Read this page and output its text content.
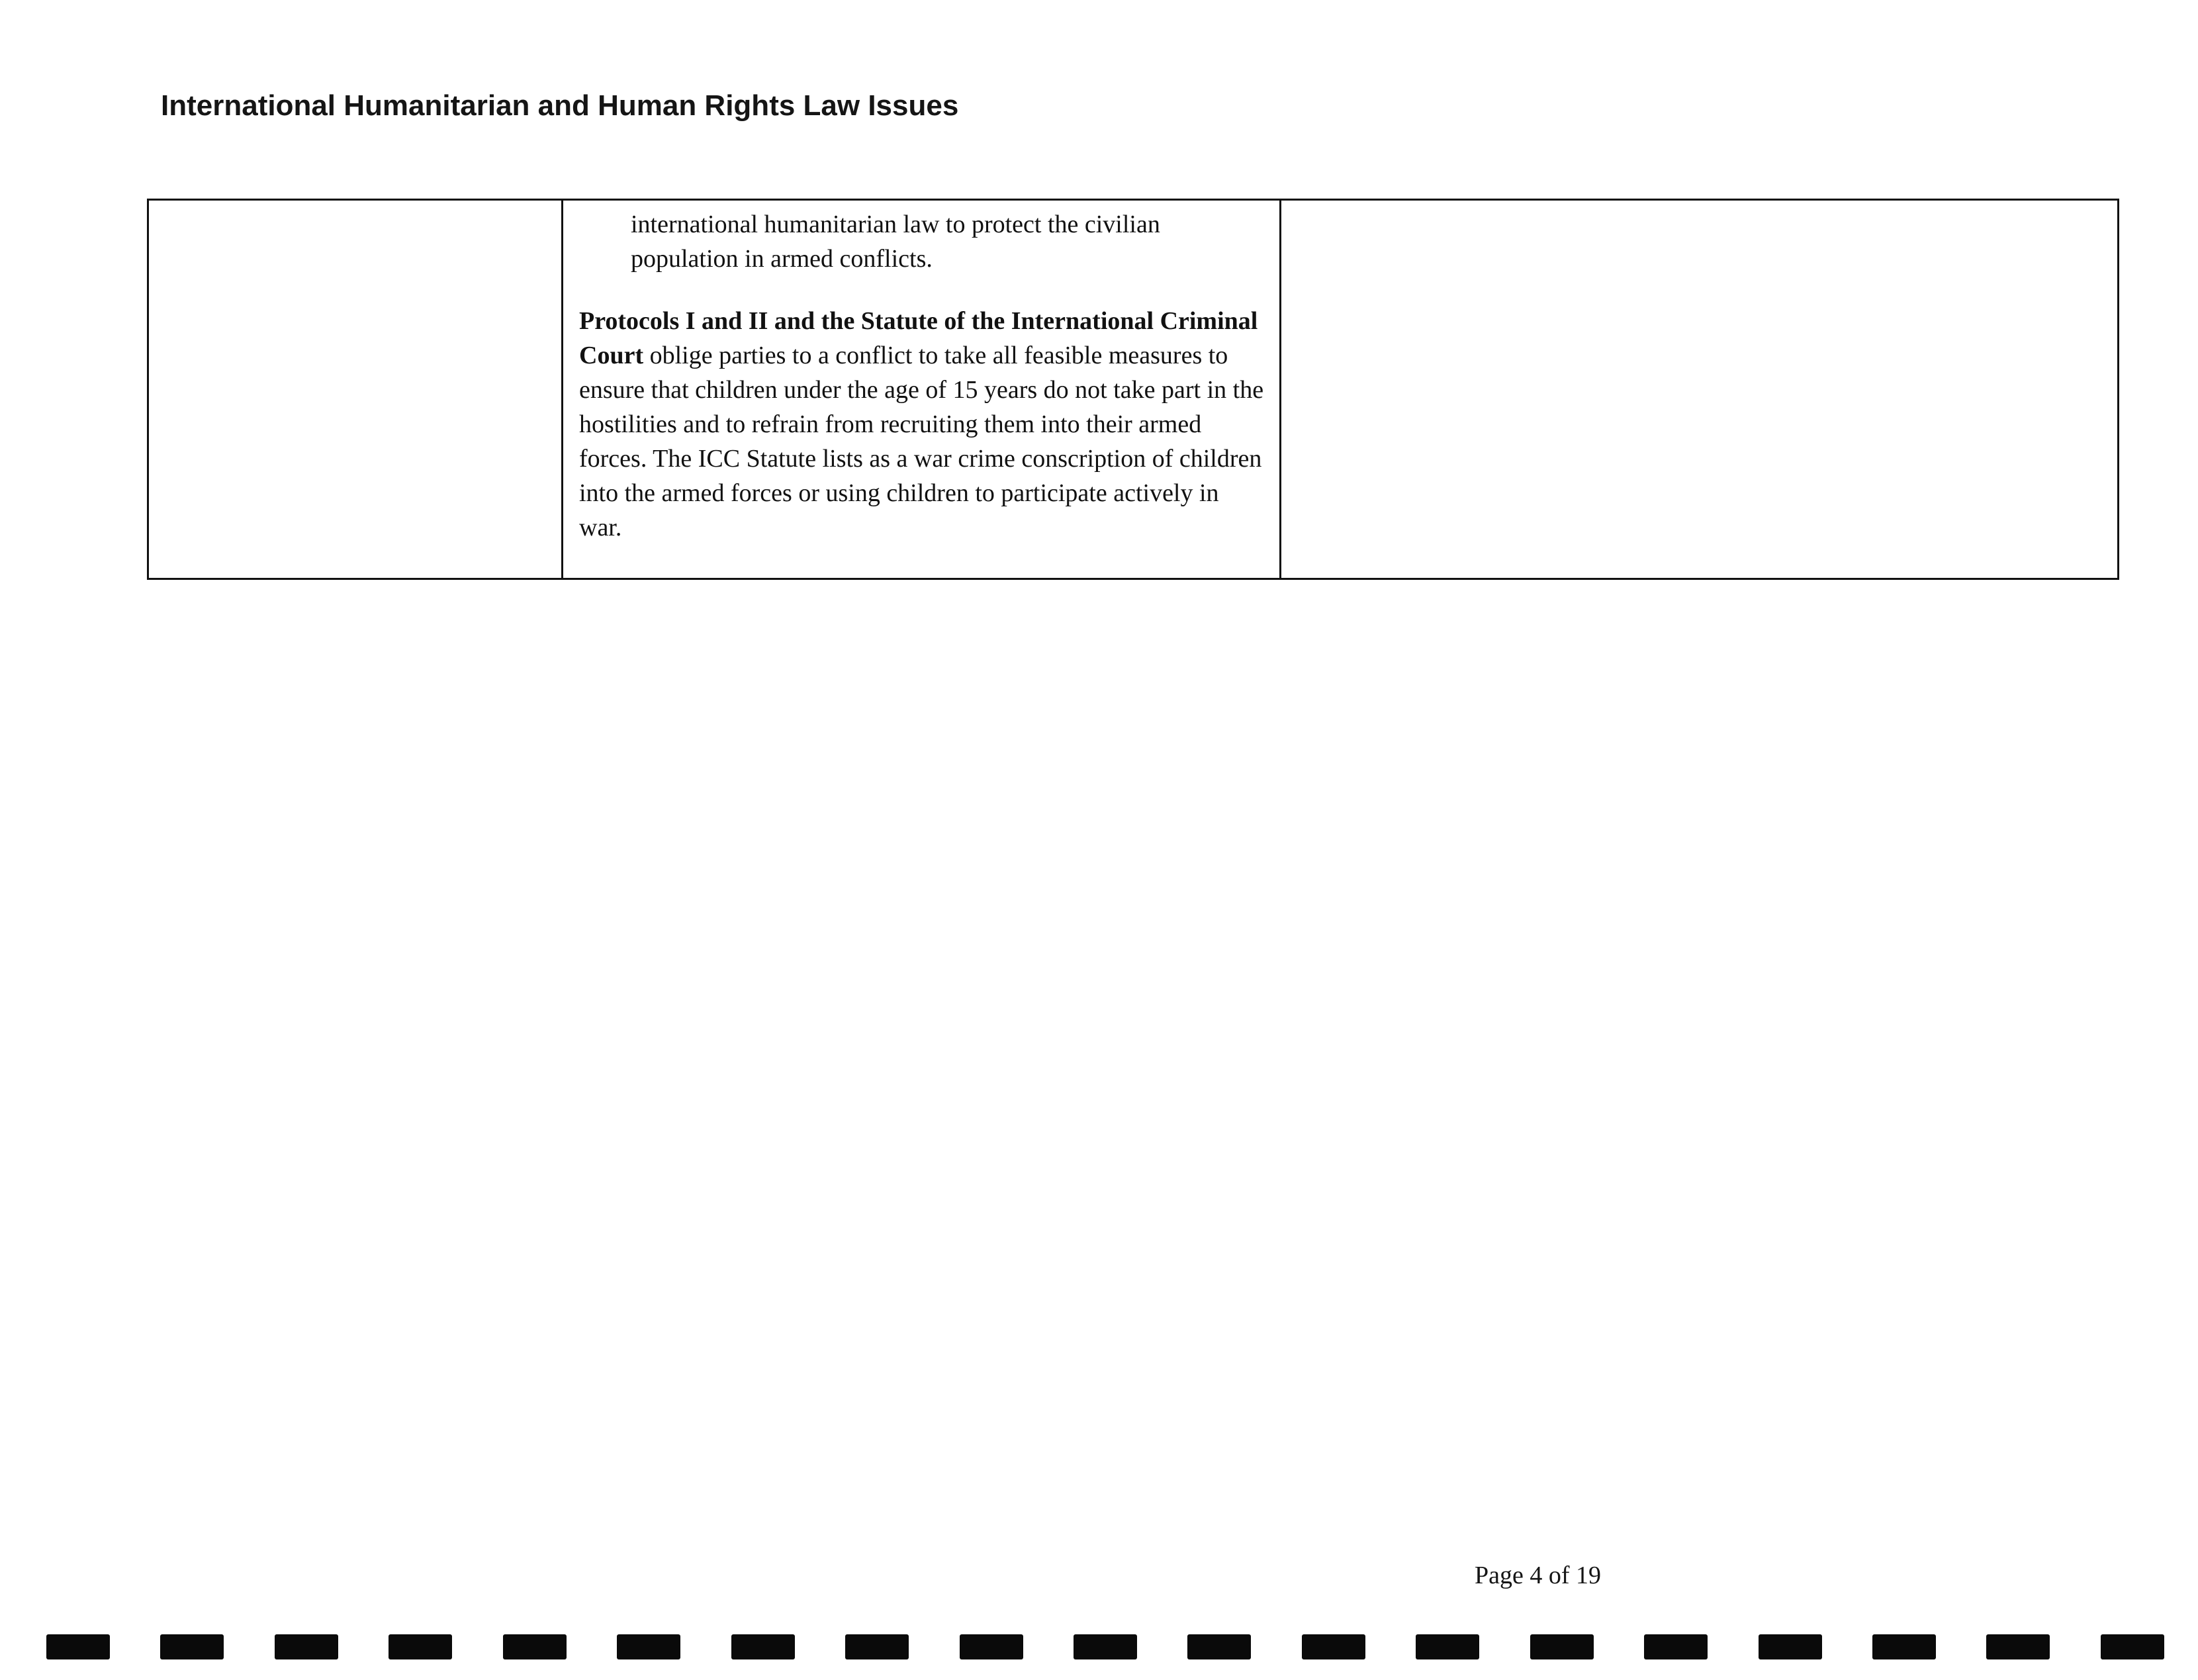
International Humanitarian and Human Rights Law Issues
international humanitarian law to protect the civilian
population in armed conflicts.

Protocols I and II and the Statute of the International Criminal Court oblige parties to a conflict to take all feasible measures to ensure that children under the age of 15 years do not take part in the hostilities and to refrain from recruiting them into their armed forces. The ICC Statute lists as a war crime conscription of children into the armed forces or using children to participate actively in war.

Page 4 of 19
